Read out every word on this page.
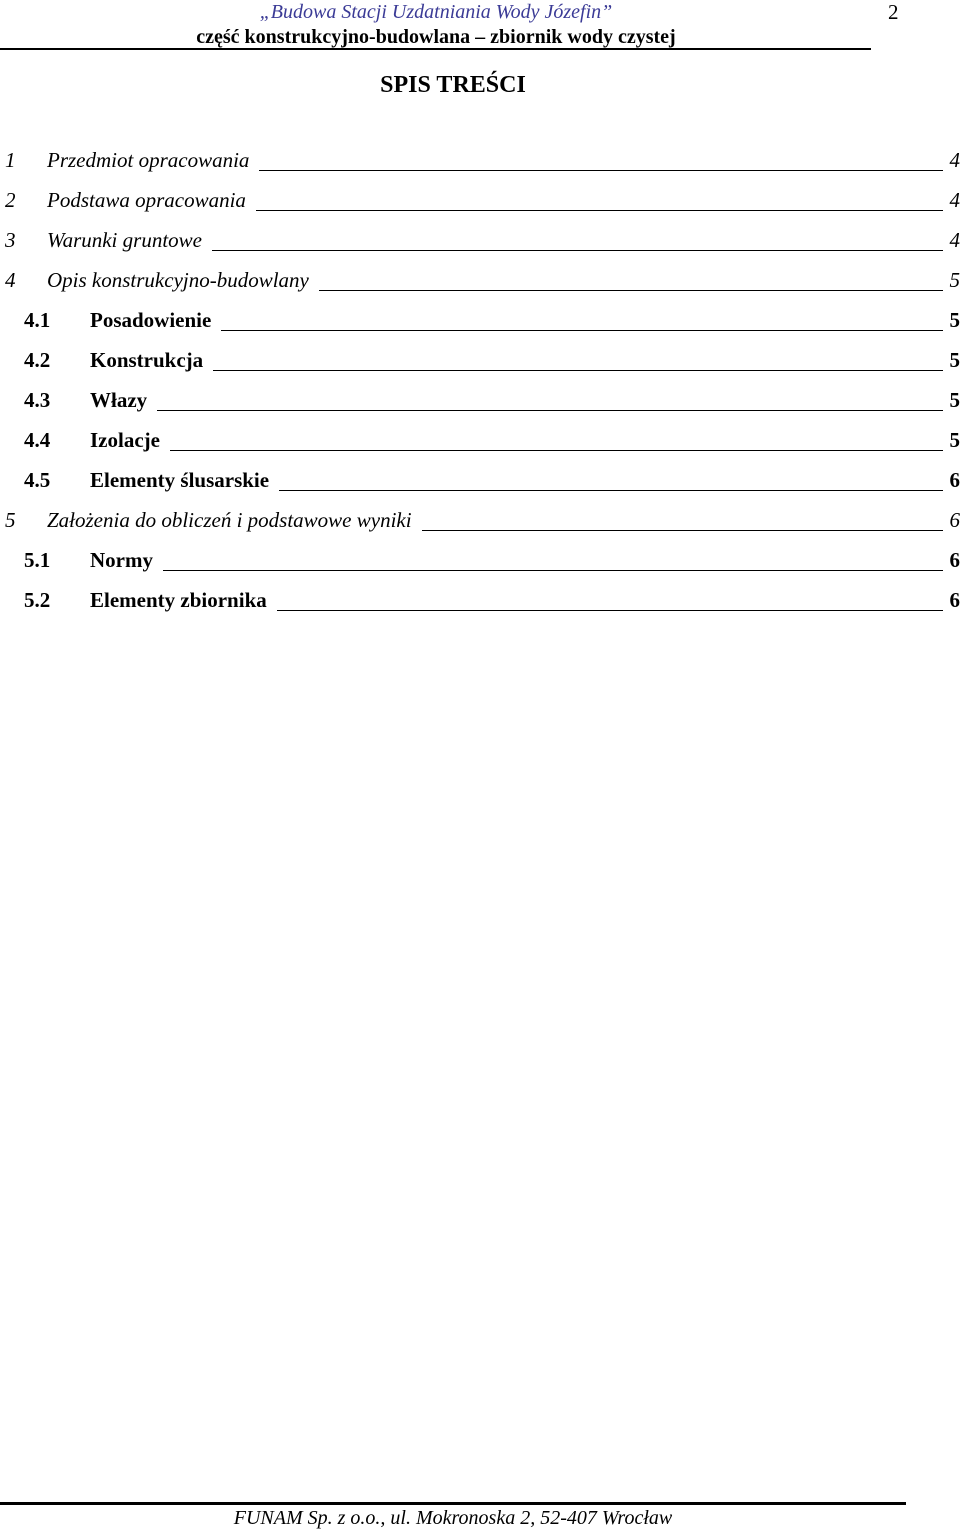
„Budowa Stacji Uzdatniania Wody Józefin”
część konstrukcyjno-budowlana – zbiornik wody czystej
2
SPIS TREŚCI
1 Przedmiot opracowania	4
2 Podstawa opracowania	4
3 Warunki gruntowe	4
4 Opis konstrukcyjno-budowlany	5
4.1 Posadowienie	5
4.2 Konstrukcja	5
4.3 Włazy	5
4.4 Izolacje	5
4.5 Elementy ślusarskie	6
5 Założenia do obliczeń i podstawowe wyniki	6
5.1 Normy	6
5.2 Elementy zbiornika	6
FUNAM Sp. z o.o., ul. Mokronoska 2, 52-407 Wrocław
